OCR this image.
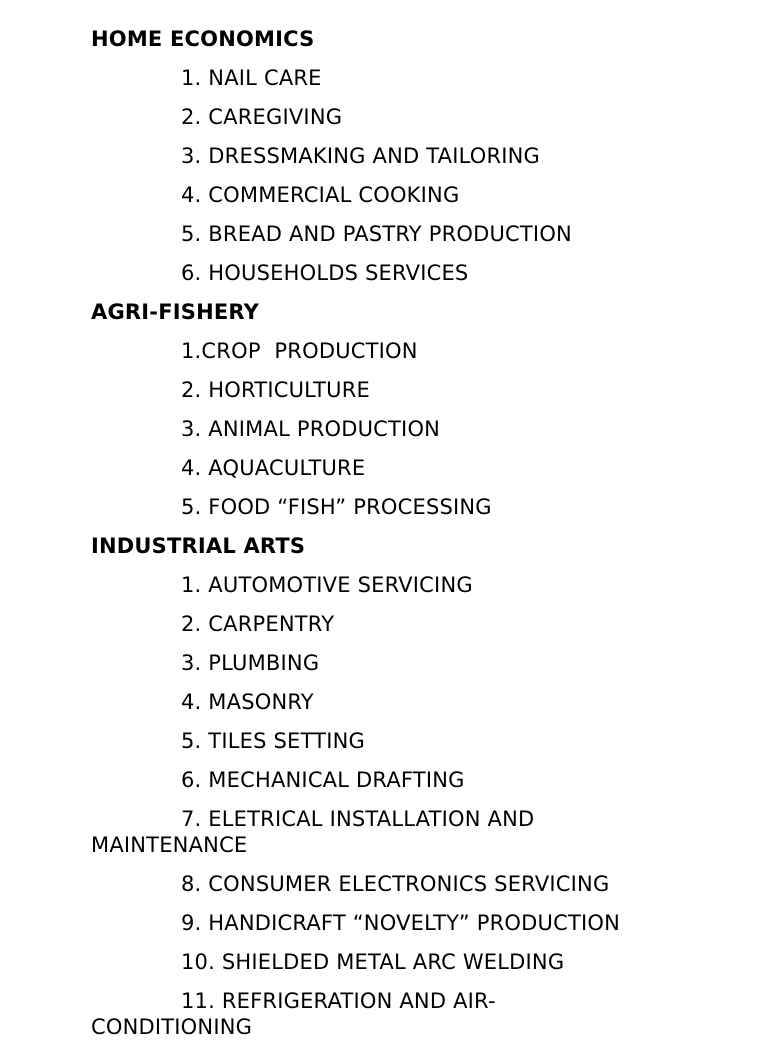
HOME ECONOMICS
1. NAIL CARE
2. CAREGIVING
3. DRESSMAKING AND TAILORING
4. COMMERCIAL COOKING
5. BREAD AND PASTRY PRODUCTION
6. HOUSEHOLDS SERVICES
AGRI-FISHERY
1.CROP  PRODUCTION
2. HORTICULTURE
3. ANIMAL PRODUCTION
4. AQUACULTURE
5. FOOD “FISH” PROCESSING
INDUSTRIAL ARTS
1. AUTOMOTIVE SERVICING
2. CARPENTRY
3. PLUMBING
4. MASONRY
5. TILES SETTING
6. MECHANICAL DRAFTING
7. ELETRICAL INSTALLATION AND MAINTENANCE
8. CONSUMER ELECTRONICS SERVICING
9. HANDICRAFT “NOVELTY” PRODUCTION
10. SHIELDED METAL ARC WELDING
11. REFRIGERATION AND AIR-CONDITIONING
